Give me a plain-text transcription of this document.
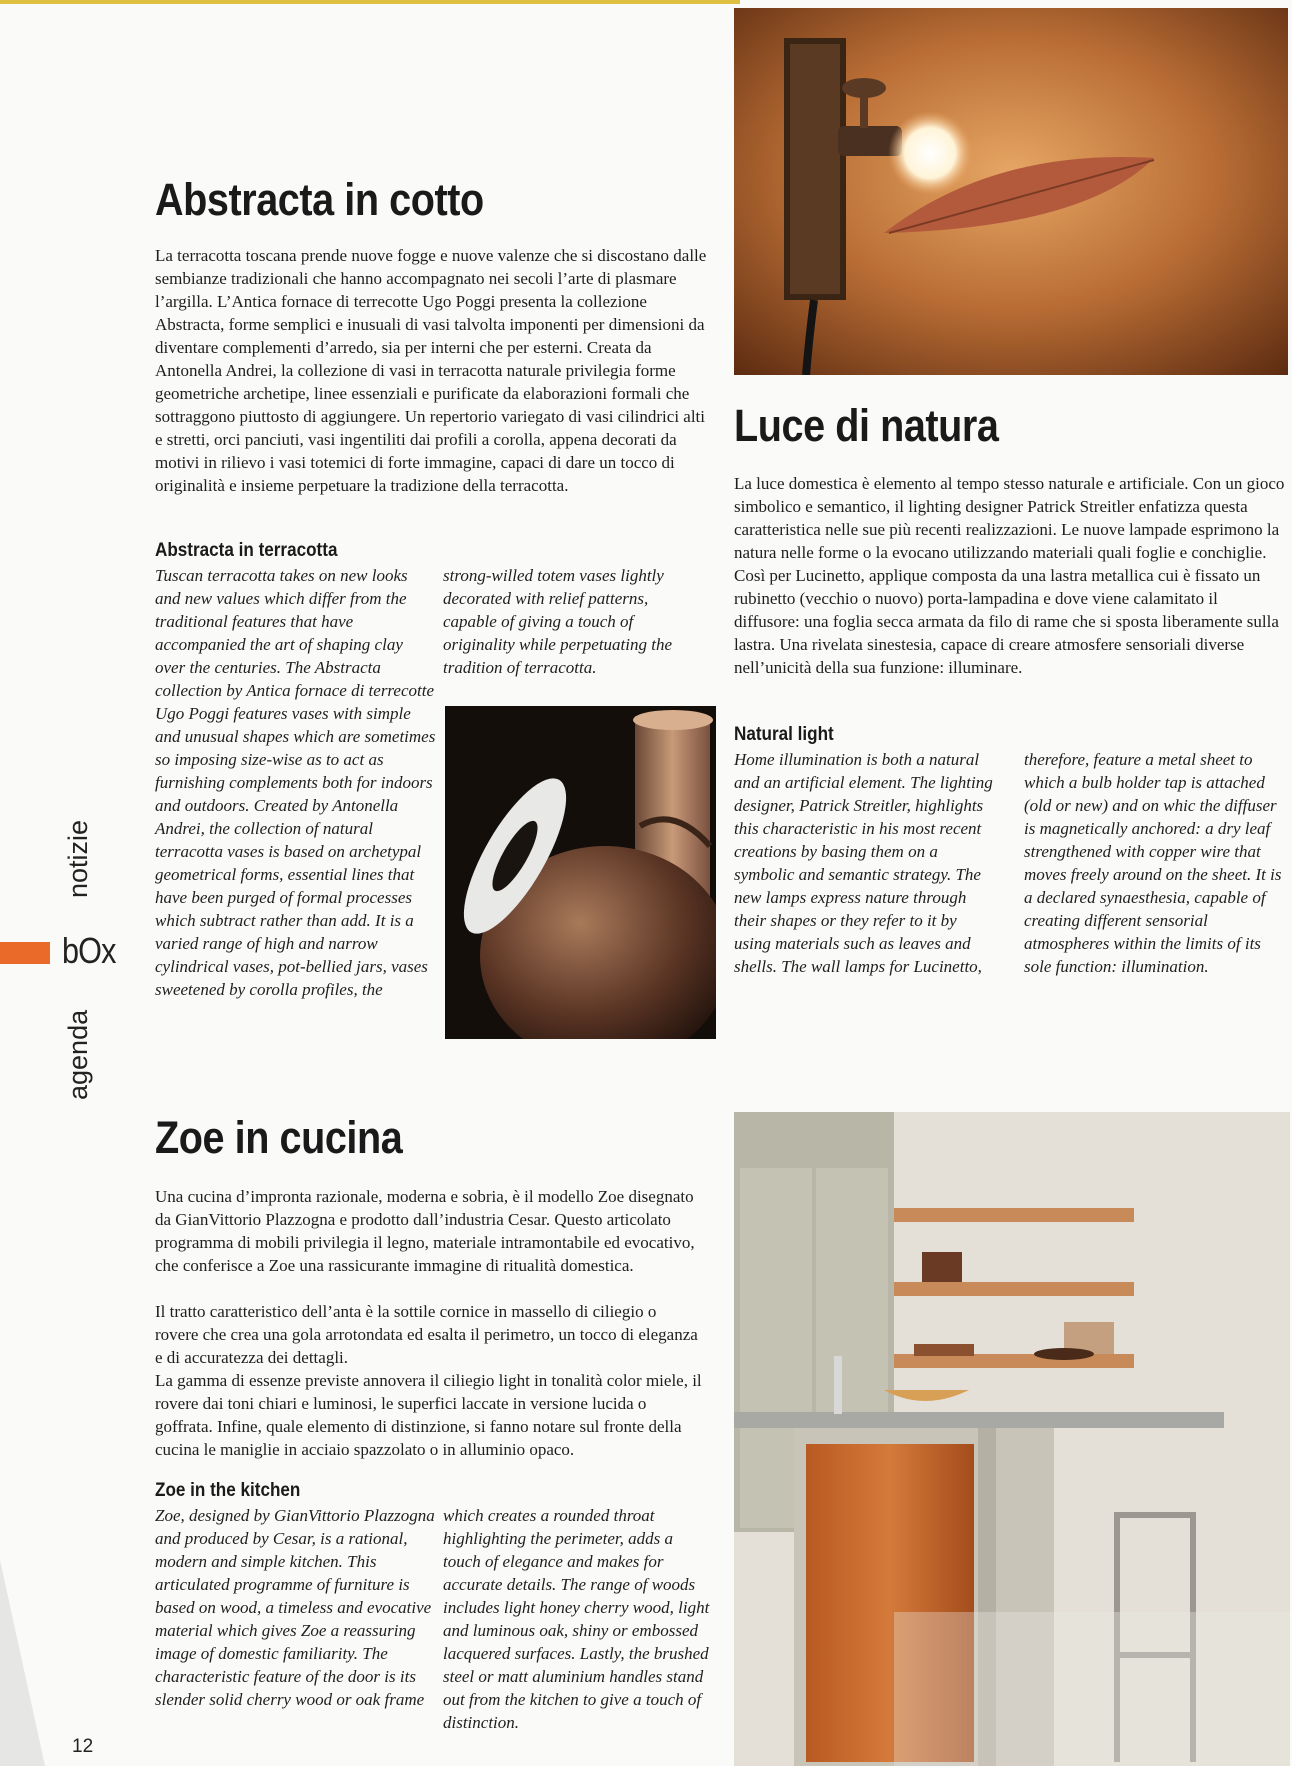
Abstracta in cotto

La terracotta toscana prende nuove fogge e nuove valenze che si discostano dalle sembianze tradizionali che hanno accompagnato nei secoli l’arte di plasmare l’argilla. L’Antica fornace di terrecotte Ugo Poggi presenta la collezione Abstracta, forme semplici e inusuali di vasi talvolta imponenti per dimensioni da diventare complementi d’arredo, sia per interni che per esterni. Creata da Antonella Andrei, la collezione di vasi in terracotta naturale privilegia forme geometriche archetipe, linee essenziali e purificate da elaborazioni formali che sottraggono piuttosto di aggiungere. Un repertorio variegato di vasi cilindrici alti e stretti, orci panciuti, vasi ingentiliti dai profili a corolla, appena decorati da motivi in rilievo i vasi totemici di forte immagine, capaci di dare un tocco di originalità e insieme perpetuare la tradizione della terracotta.

Abstracta in terracotta

Tuscan terracotta takes on new looks and new values which differ from the traditional features that have accompanied the art of shaping clay over the centuries. The Abstracta collection by Antica fornace di terrecotte Ugo Poggi features vases with simple and unusual shapes which are sometimes so imposing size-wise as to act as furnishing complements both for indoors and outdoors. Created by Antonella Andrei, the collection of natural terracotta vases is based on archetypal geometrical forms, essential lines that have been purged of formal processes which subtract rather than add. It is a varied range of high and narrow cylindrical vases, pot-bellied jars, vases sweetened by corolla profiles, the

strong-willed totem vases lightly decorated with relief patterns, capable of giving a touch of originality while perpetuating the tradition of terracotta.

Luce di natura

La luce domestica è elemento al tempo stesso naturale e artificiale. Con un gioco simbolico e semantico, il lighting designer Patrick Streitler enfatizza questa caratteristica nelle sue più recenti realizzazioni. Le nuove lampade esprimono la natura nelle forme o la evocano utilizzando materiali quali foglie e conchiglie. Così per Lucinetto, applique composta da una lastra metallica cui è fissato un rubinetto (vecchio o nuovo) porta-lampadina e dove viene calamitato il diffusore: una foglia secca armata da filo di rame che si sposta liberamente sulla lastra. Una rivelata sinestesia, capace di creare atmosfere sensoriali diverse nell’unicità della sua funzione: illuminare.

Natural light

Home illumination is both a natural and an artificial element. The lighting designer, Patrick Streitler, highlights this characteristic in his most recent creations by basing them on a symbolic and semantic strategy. The new lamps express nature through their shapes or they refer to it by using materials such as leaves and shells. The wall lamps for Lucinetto,

therefore, feature a metal sheet to which a bulb holder tap is attached (old or new) and on whic the diffuser is magnetically anchored: a dry leaf strengthened with copper wire that moves freely around on the sheet. It is a declared synaesthesia, capable of creating different sensorial atmospheres within the limits of its sole function: illumination.

Zoe in cucina

Una cucina d’impronta razionale, moderna e sobria, è il modello Zoe disegnato da GianVittorio Plazzogna e prodotto dall’industria Cesar. Questo articolato programma di mobili privilegia il legno, materiale intramontabile ed evocativo, che conferisce a Zoe una rassicurante immagine di ritualità domestica.

Il tratto caratteristico dell’anta è la sottile cornice in massello di ciliegio o rovere che crea una gola arrotondata ed esalta il perimetro, un tocco di eleganza e di accuratezza dei dettagli.

La gamma di essenze previste annovera il ciliegio light in tonalità color miele, il rovere dai toni chiari e luminosi, le superfici laccate in versione lucida o goffrata. Infine, quale elemento di distinzione, si fanno notare sul fronte della cucina le maniglie in acciaio spazzolato o in alluminio opaco.

Zoe in the kitchen

Zoe, designed by GianVittorio Plazzogna and produced by Cesar, is a rational, modern and simple kitchen. This articulated programme of furniture is based on wood, a timeless and evocative material which gives Zoe a reassuring image of domestic familiarity. The characteristic feature of the door is its slender solid cherry wood or oak frame

which creates a rounded throat highlighting the perimeter, adds a touch of elegance and makes for accurate details. The range of woods includes light honey cherry wood, light and luminous oak, shiny or embossed lacquered surfaces. Lastly, the brushed steel or matt aluminium handles stand out from the kitchen to give a touch of distinction.

notizie
bOx
agenda
12
